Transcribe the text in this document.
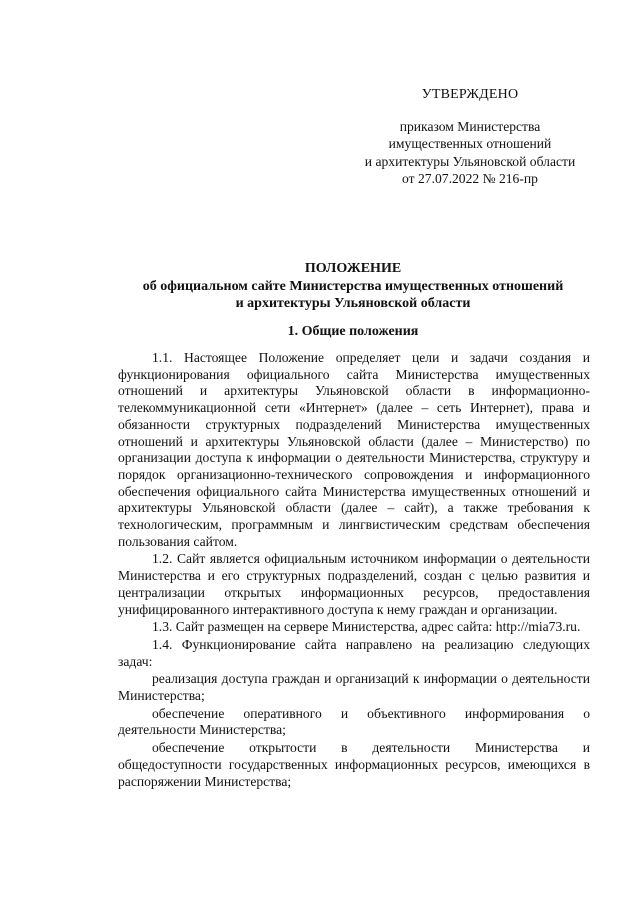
УТВЕРЖДЕНО
приказом Министерства
имущественных отношений
и архитектуры Ульяновской области
от 27.07.2022 № 216-пр
ПОЛОЖЕНИЕ
об официальном сайте Министерства имущественных отношений
и архитектуры Ульяновской области
1. Общие положения

1.1. Настоящее Положение определяет цели и задачи создания и функционирования официального сайта Министерства имущественных отношений и архитектуры Ульяновской области в информационно-телекоммуникационной сети «Интернет» (далее – сеть Интернет), права и обязанности структурных подразделений Министерства имущественных отношений и архитектуры Ульяновской области (далее – Министерство) по организации доступа к информации о деятельности Министерства, структуру и порядок организационно-технического сопровождения и информационного обеспечения официального сайта Министерства имущественных отношений и архитектуры Ульяновской области (далее – сайт), а также требования к технологическим, программным и лингвистическим средствам обеспечения пользования сайтом.

1.2. Сайт является официальным источником информации о деятельности Министерства и его структурных подразделений, создан с целью развития и централизации открытых информационных ресурсов, предоставления унифицированного интерактивного доступа к нему граждан и организации.

1.3. Сайт размещен на сервере Министерства, адрес сайта: http://mia73.ru.

1.4. Функционирование сайта направлено на реализацию следующих задач:

реализация доступа граждан и организаций к информации о деятельности Министерства;

обеспечение оперативного и объективного информирования о деятельности Министерства;

обеспечение открытости в деятельности Министерства и общедоступности государственных информационных ресурсов, имеющихся в распоряжении Министерства;
